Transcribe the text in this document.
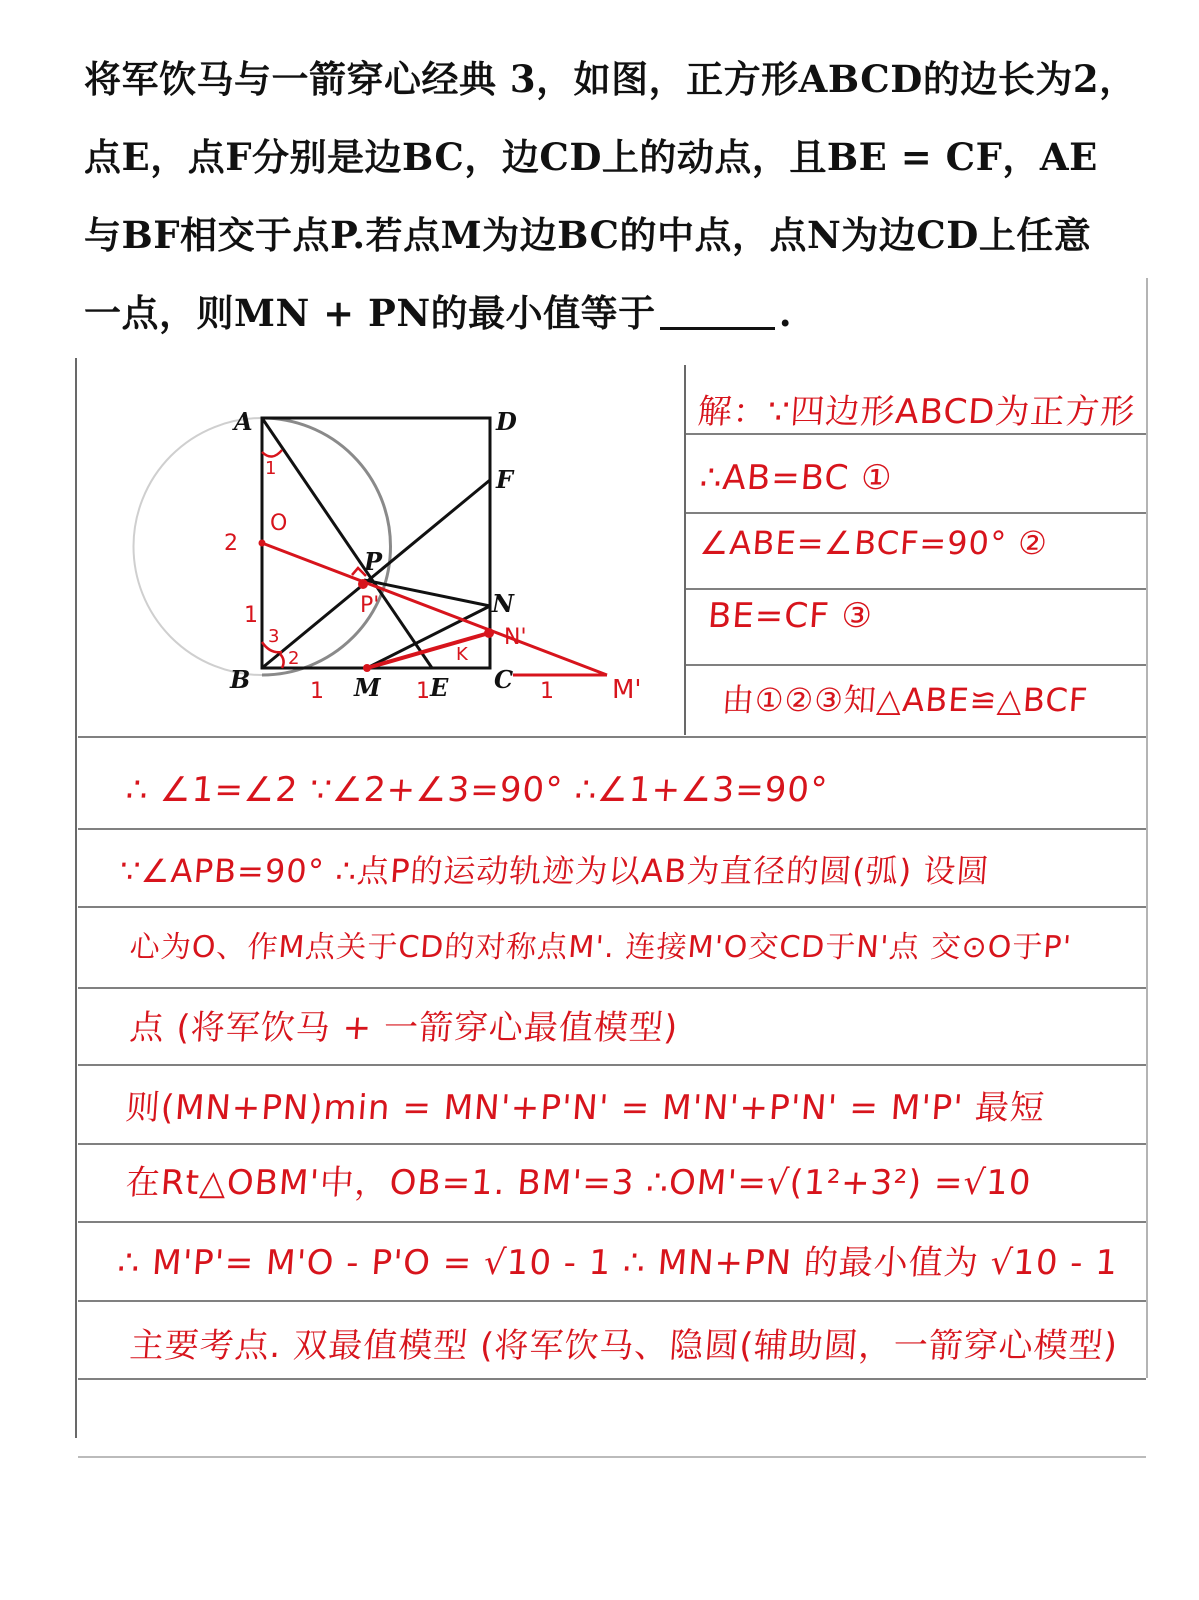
将军饮马与一箭穿心经典 3，如图，正方形ABCD的边长为2，
点E，点F分别是边BC，边CD上的动点，且BE = CF，AE
与BF相交于点P.若点M为边BC的中点，点N为边CD上任意
一点，则MN + PN的最小值等于	.
A	D
F
P
N
B	M E C
O
2
1	P'
N'
K
M'
1	1	1
1
2
3
解：∵四边形ABCD为正方形
∴AB=BC ①
∠ABE=∠BCF=90° ②
BE=CF ③
由①②③知△ABE≌△BCF
∴ ∠1=∠2 ∵∠2+∠3=90° ∴∠1+∠3=90°
∵∠APB=90° ∴点P的运动轨迹为以AB为直径的圆(弧) 设圆
心为O、作M点关于CD的对称点M'. 连接M'O交CD于N'点 交⊙O于P'
点 (将军饮马 + 一箭穿心最值模型)
则(MN+PN)min = MN'+P'N' = M'N'+P'N' = M'P' 最短
在Rt△OBM'中，OB=1. BM'=3 ∴OM'=√(1²+3²) =√10
∴ M'P'= M'O - P'O = √10 - 1 ∴ MN+PN 的最小值为 √10 - 1
主要考点. 双最值模型 (将军饮马、隐圆(辅助圆，一箭穿心模型)
